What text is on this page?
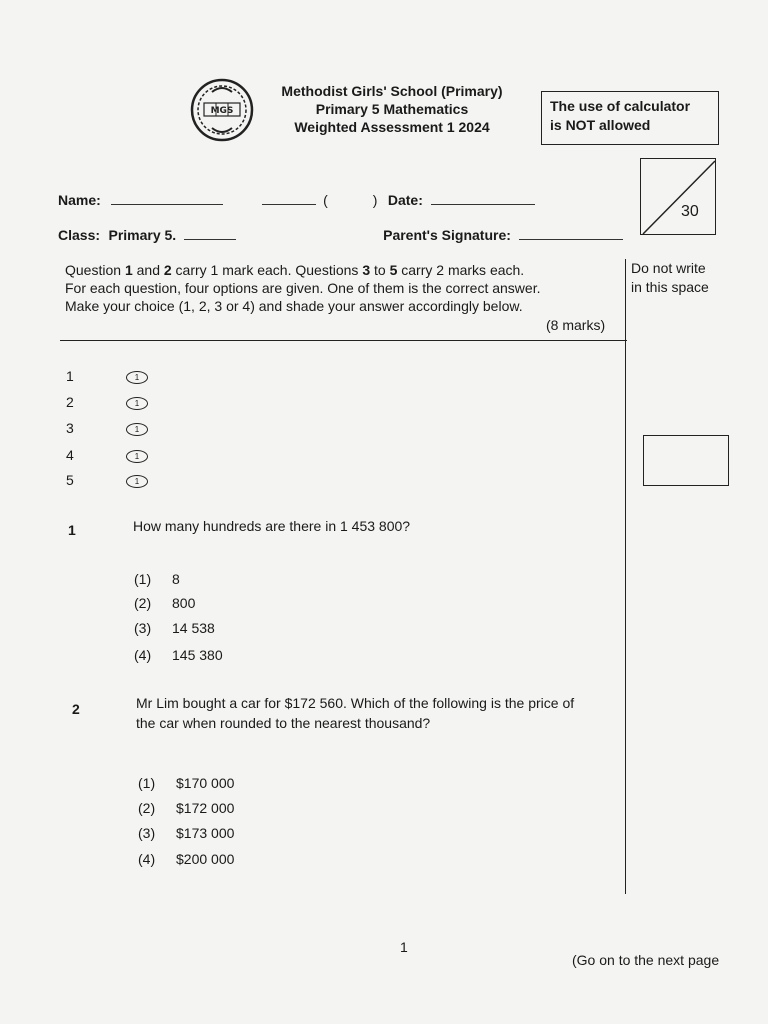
MGS
Methodist Girls' School (Primary)
Primary 5 Mathematics
Weighted Assessment 1 2024
The use of calculator
is NOT allowed
30
Name:	(	) Date:
Class: Primary 5.	Parent's Signature:
Question 1 and 2 carry 1 mark each. Questions 3 to 5 carry 2 marks each.
For each question, four options are given. One of them is the correct answer.
Make your choice (1, 2, 3 or 4) and shade your answer accordingly below.
(8 marks)
Do not write
in this space
1	1
2	1
3	1
4	1
5	1
1	How many hundreds are there in 1 453 800?
(1) 8
(2) 800
(3) 14 538
(4) 145 380
2	Mr Lim bought a car for $172 560. Which of the following is the price of
the car when rounded to the nearest thousand?
(1) $170 000
(2) $172 000
(3) $173 000
(4) $200 000
1
(Go on to the next page
